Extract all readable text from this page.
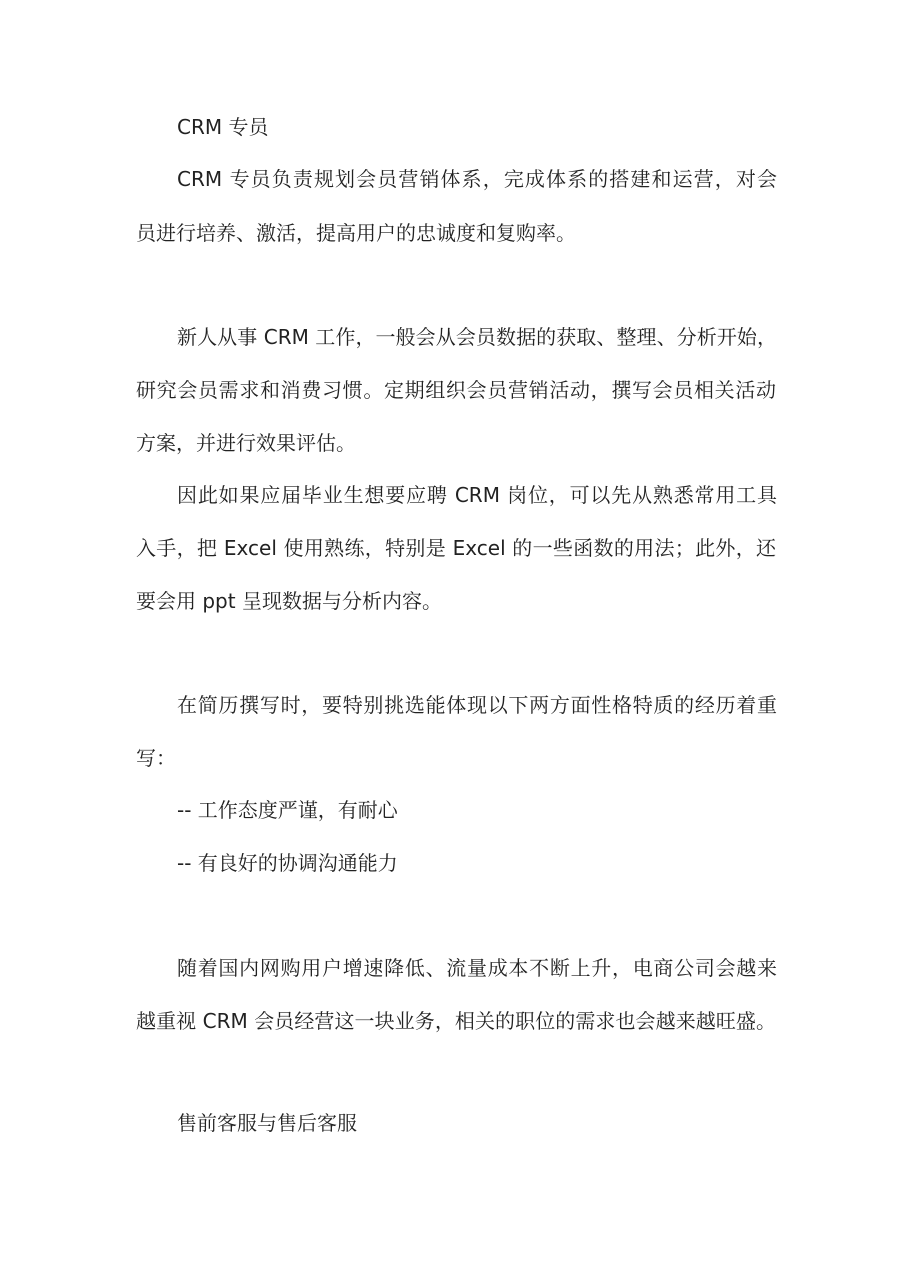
CRM 专员
CRM 专员负责规划会员营销体系，完成体系的搭建和运营，对会
员进行培养、激活，提高用户的忠诚度和复购率。
新人从事 CRM 工作，一般会从会员数据的获取、整理、分析开始，
研究会员需求和消费习惯。定期组织会员营销活动，撰写会员相关活动
方案，并进行效果评估。
因此如果应届毕业生想要应聘 CRM 岗位，可以先从熟悉常用工具
入手，把 Excel 使用熟练，特别是 Excel 的一些函数的用法；此外，还
要会用 ppt 呈现数据与分析内容。
在简历撰写时，要特别挑选能体现以下两方面性格特质的经历着重
写：
-- 工作态度严谨，有耐心
-- 有良好的协调沟通能力
随着国内网购用户增速降低、流量成本不断上升，电商公司会越来
越重视 CRM 会员经营这一块业务，相关的职位的需求也会越来越旺盛。
售前客服与售后客服
